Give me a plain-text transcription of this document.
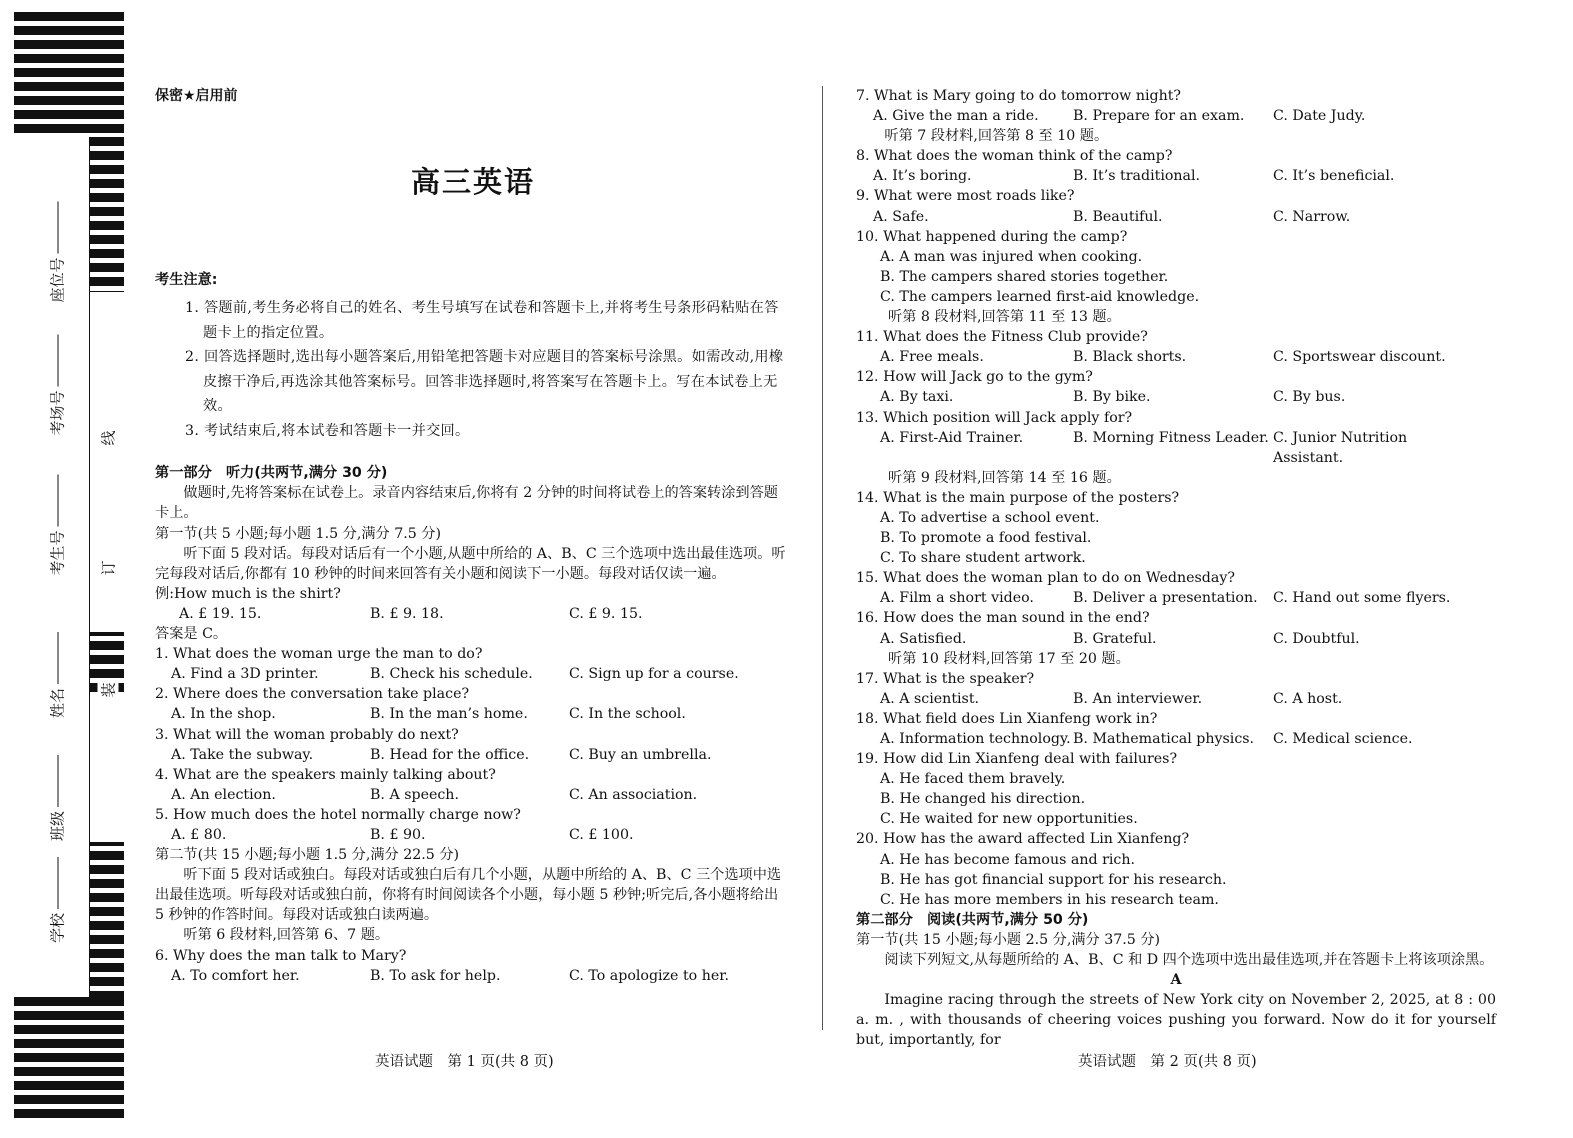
座位号
考场号
考生号
姓名
班级
学校
线
订
装
保密★启用前
高三英语
考生注意:
1. 答题前,考生务必将自己的姓名、考生号填写在试卷和答题卡上,并将考生号条形码粘贴在答题卡上的指定位置。
2. 回答选择题时,选出每小题答案后,用铅笔把答题卡对应题目的答案标号涂黑。如需改动,用橡皮擦干净后,再选涂其他答案标号。回答非选择题时,将答案写在答题卡上。写在本试卷上无效。
3. 考试结束后,将本试卷和答题卡一并交回。
第一部分　听力(共两节,满分 30 分)
做题时,先将答案标在试卷上。录音内容结束后,你将有 2 分钟的时间将试卷上的答案转涂到答题卡上。
第一节(共 5 小题;每小题 1.5 分,满分 7.5 分)
听下面 5 段对话。每段对话后有一个小题,从题中所给的 A、B、C 三个选项中选出最佳选项。听完每段对话后,你都有 10 秒钟的时间来回答有关小题和阅读下一小题。每段对话仅读一遍。
例:How much is the shirt?
A. £ 19. 15.	B. £ 9. 18.	C. £ 9. 15.
答案是 C。
1. What does the woman urge the man to do?
A. Find a 3D printer.	B. Check his schedule.	C. Sign up for a course.
2. Where does the conversation take place?
A. In the shop.	B. In the man’s home.	C. In the school.
3. What will the woman probably do next?
A. Take the subway.	B. Head for the office.	C. Buy an umbrella.
4. What are the speakers mainly talking about?
A. An election.	B. A speech.	C. An association.
5. How much does the hotel normally charge now?
A. £ 80.	B. £ 90.	C. £ 100.
第二节(共 15 小题;每小题 1.5 分,满分 22.5 分)
听下面 5 段对话或独白。每段对话或独白后有几个小题，从题中所给的 A、B、C 三个选项中选出最佳选项。听每段对话或独白前，你将有时间阅读各个小题，每小题 5 秒钟;听完后,各小题将给出 5 秒钟的作答时间。每段对话或独白读两遍。
听第 6 段材料,回答第 6、7 题。
6. Why does the man talk to Mary?
A. To comfort her.	B. To ask for help.	C. To apologize to her.
7. What is Mary going to do tomorrow night?
A. Give the man a ride.	B. Prepare for an exam.	C. Date Judy.
听第 7 段材料,回答第 8 至 10 题。
8. What does the woman think of the camp?
A. It’s boring.	B. It’s traditional.	C. It’s beneficial.
9. What were most roads like?
A. Safe.	B. Beautiful.	C. Narrow.
10. What happened during the camp?
A. A man was injured when cooking.
B. The campers shared stories together.
C. The campers learned first-aid knowledge.
听第 8 段材料,回答第 11 至 13 题。
11. What does the Fitness Club provide?
A. Free meals.	B. Black shorts.	C. Sportswear discount.
12. How will Jack go to the gym?
A. By taxi.	B. By bike.	C. By bus.
13. Which position will Jack apply for?
A. First-Aid Trainer.	B. Morning Fitness Leader. C. Junior Nutrition Assistant.
听第 9 段材料,回答第 14 至 16 题。
14. What is the main purpose of the posters?
A. To advertise a school event.
B. To promote a food festival.
C. To share student artwork.
15. What does the woman plan to do on Wednesday?
A. Film a short video.	B. Deliver a presentation.	C. Hand out some flyers.
16. How does the man sound in the end?
A. Satisfied.	B. Grateful.	C. Doubtful.
听第 10 段材料,回答第 17 至 20 题。
17. What is the speaker?
A. A scientist.	B. An interviewer.	C. A host.
18. What field does Lin Xianfeng work in?
A. Information technology. B. Mathematical physics.	C. Medical science.
19. How did Lin Xianfeng deal with failures?
A. He faced them bravely.
B. He changed his direction.
C. He waited for new opportunities.
20. How has the award affected Lin Xianfeng?
A. He has become famous and rich.
B. He has got financial support for his research.
C. He has more members in his research team.
第二部分　阅读(共两节,满分 50 分)
第一节(共 15 小题;每小题 2.5 分,满分 37.5 分)
阅读下列短文,从每题所给的 A、B、C 和 D 四个选项中选出最佳选项,并在答题卡上将该项涂黑。
A
Imagine racing through the streets of New York city on November 2, 2025, at 8 : 00 a. m. , with thousands of cheering voices pushing you forward. Now do it for yourself but, importantly, for
英语试题　第 1 页(共 8 页)	英语试题　第 2 页(共 8 页)
